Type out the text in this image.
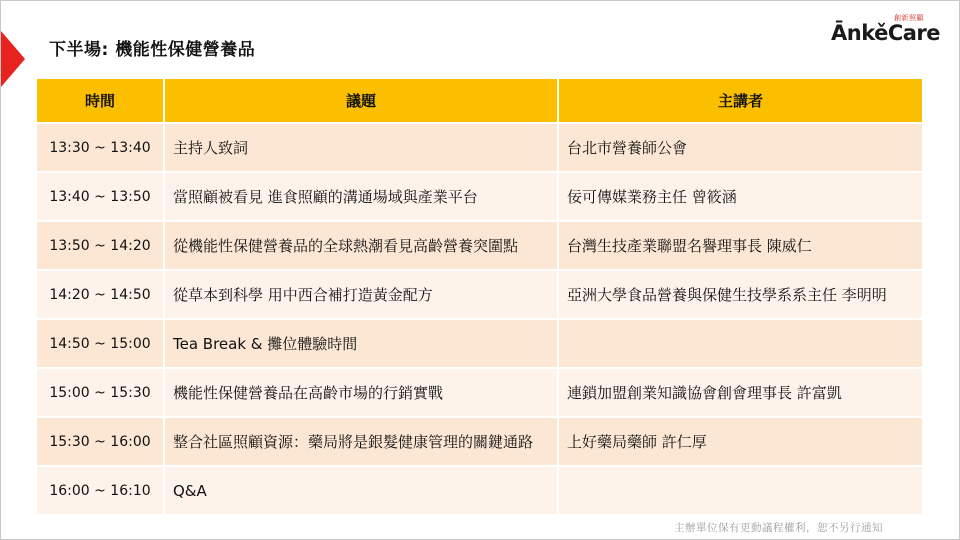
下半場: 機能性保健營養品
創新照顧
ĀnkěCare
時間	議題	主講者
13:30 ~ 13:40	主持人致詞	台北市營養師公會
13:40 ~ 13:50	當照顧被看見 進食照顧的溝通場域與產業平台	佞可傳媒業務主任 曾筱涵
13:50 ~ 14:20	從機能性保健營養品的全球熱潮看見高齡營養突圍點	台灣生技產業聯盟名譽理事長 陳威仁
14:20 ~ 14:50	從草本到科學 用中西合補打造黃金配方	亞洲大學食品營養與保健生技學系系主任 李明明
14:50 ~ 15:00	Tea Break & 攤位體驗時間	
15:00 ~ 15:30	機能性保健營養品在高齡市場的行銷實戰	連鎖加盟創業知識協會創會理事長 許富凱
15:30 ~ 16:00	整合社區照顧資源：藥局將是銀髮健康管理的關鍵通路	上好藥局藥師 許仁厚
16:00 ~ 16:10	Q&A	
主辦單位保有更動議程權利，恕不另行通知
